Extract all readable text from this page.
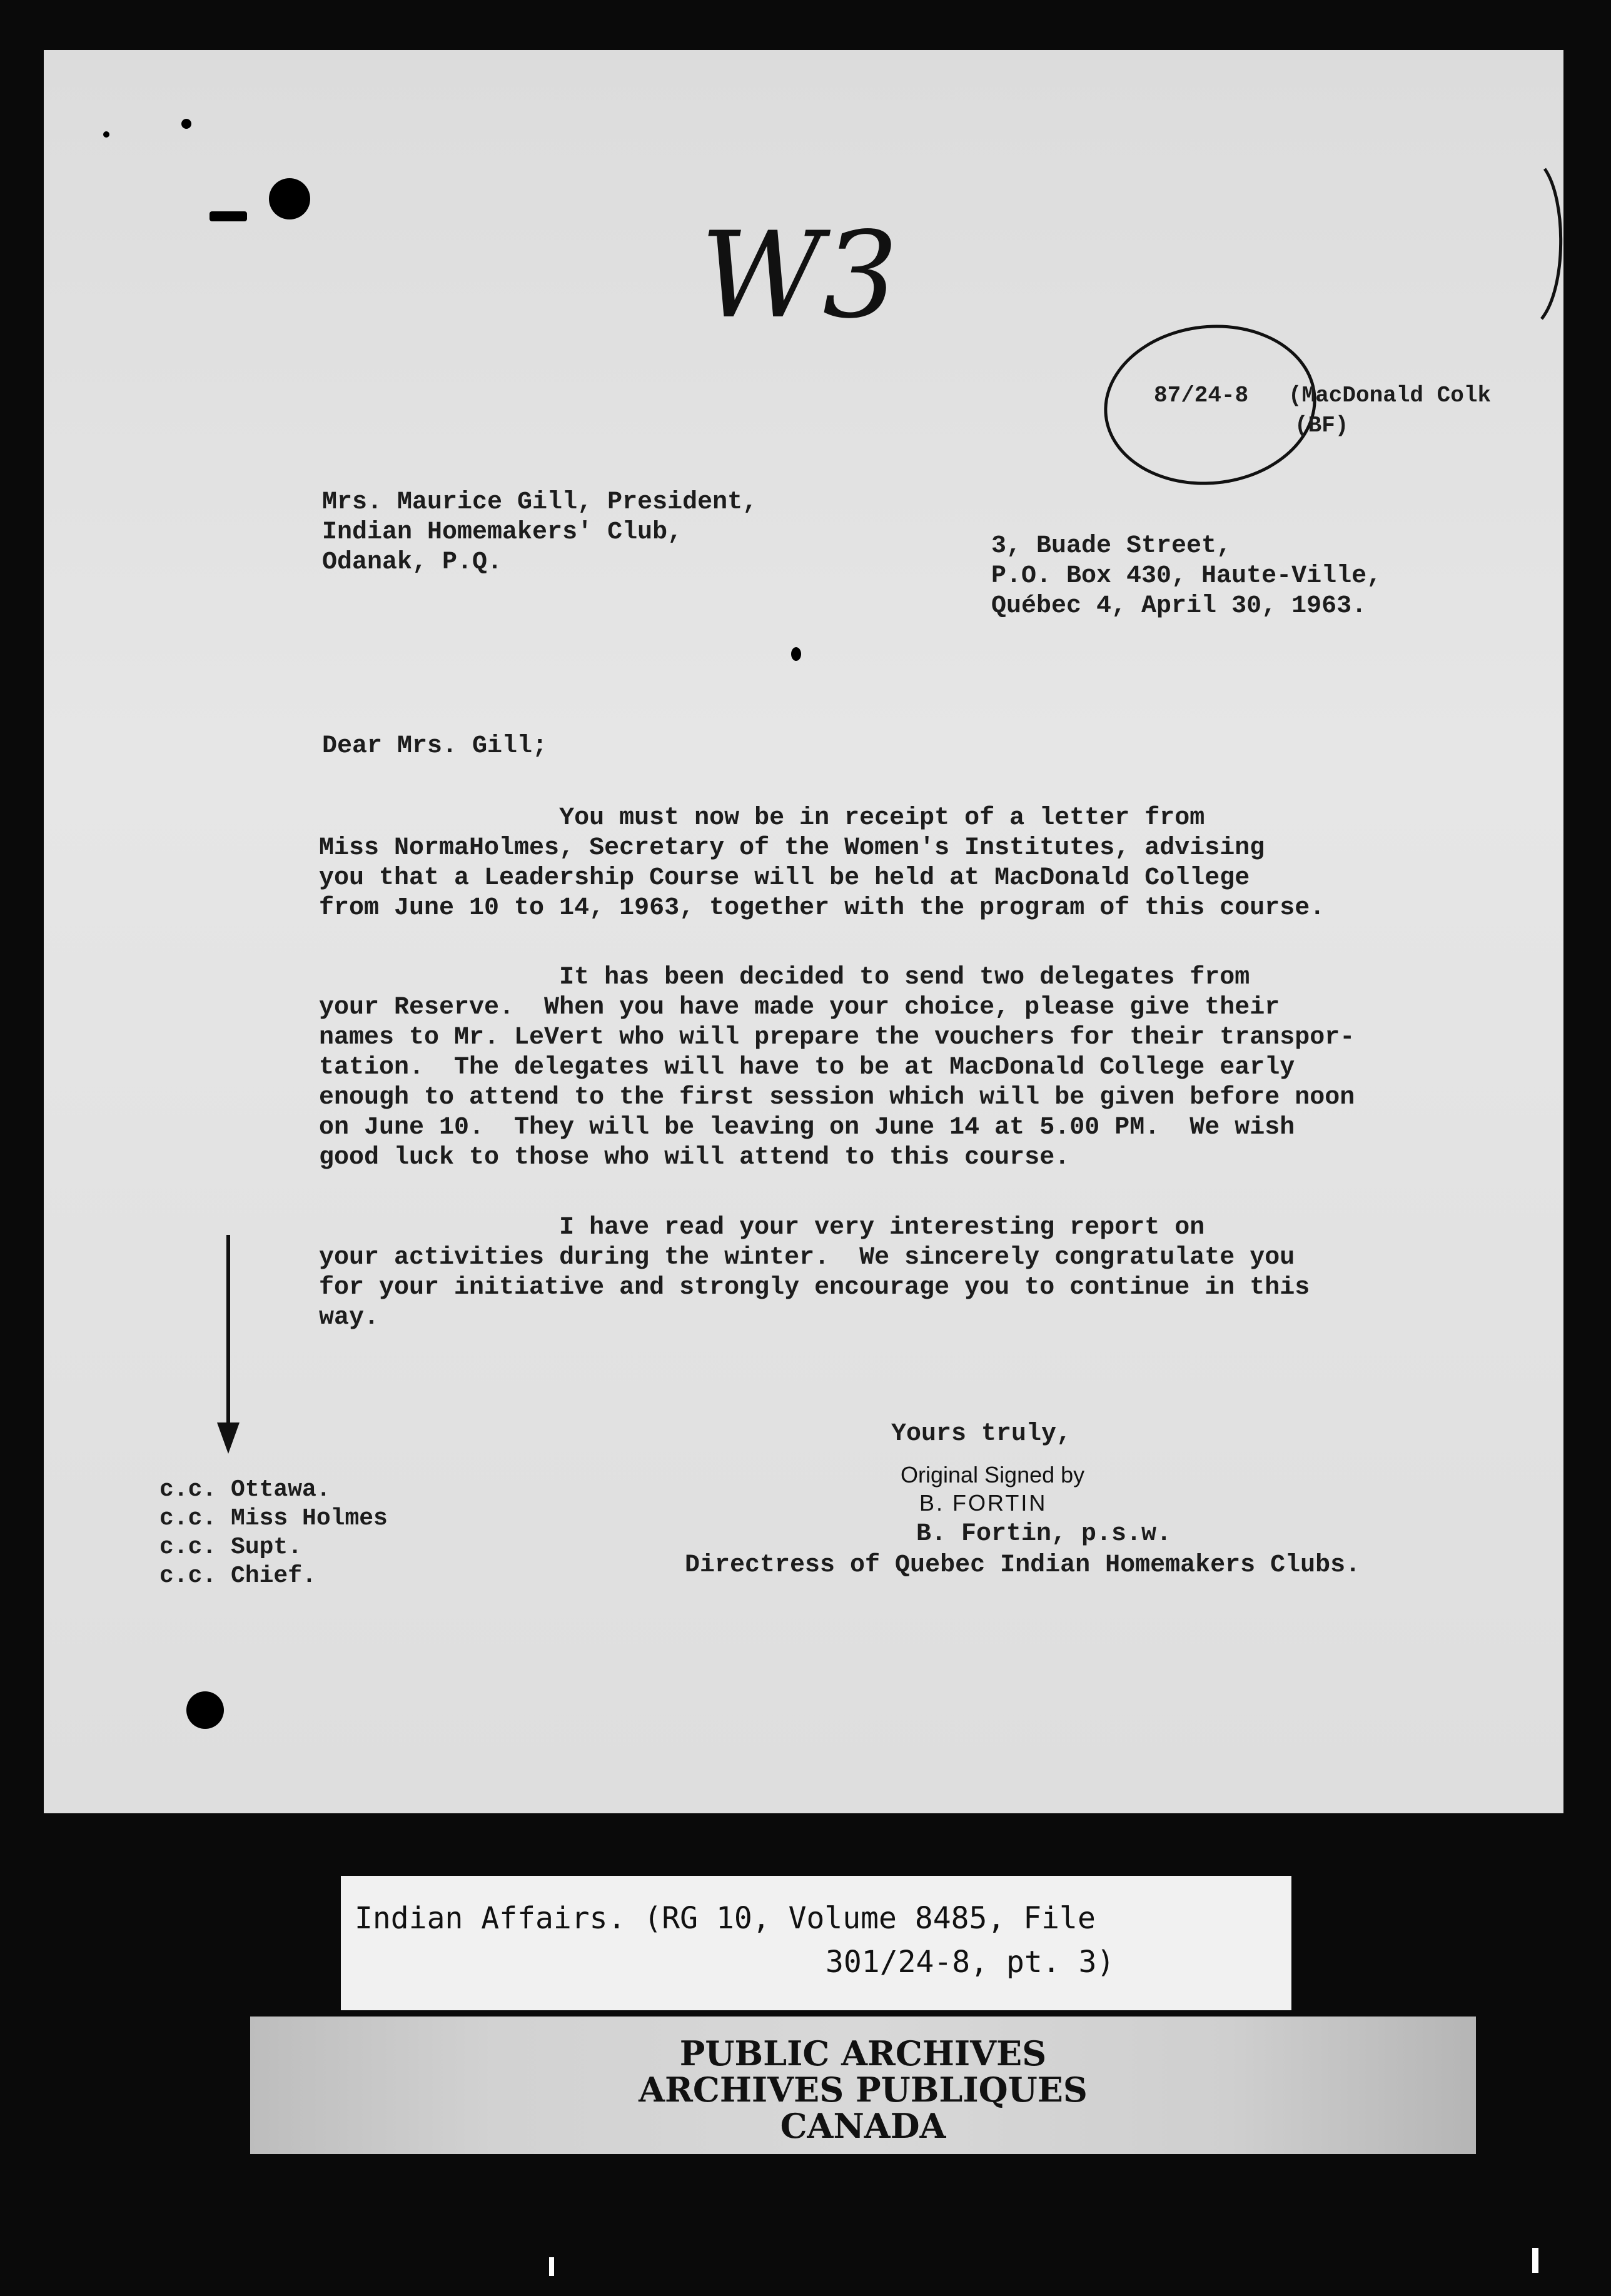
W3
87/24-8 (MacDonald Colk
(BF)
Mrs. Maurice Gill, President,
Indian Homemakers' Club,
Odanak, P.Q.
3, Buade Street,
P.O. Box 430, Haute-Ville,
Québec 4, April 30, 1963.
Dear Mrs. Gill;
You must now be in receipt of a letter from
Miss NormaHolmes, Secretary of the Women's Institutes, advising
you that a Leadership Course will be held at MacDonald College
from June 10 to 14, 1963, together with the program of this course.
It has been decided to send two delegates from
your Reserve.  When you have made your choice, please give their
names to Mr. LeVert who will prepare the vouchers for their transpor-
tation.  The delegates will have to be at MacDonald College early
enough to attend to the first session which will be given before noon
on June 10.  They will be leaving on June 14 at 5.00 PM.  We wish
good luck to those who will attend to this course.
I have read your very interesting report on
your activities during the winter.  We sincerely congratulate you
for your initiative and strongly encourage you to continue in this
way.
Yours truly,
Original Signed by
B. FORTIN
B. Fortin, p.s.w.
Directress of Quebec Indian Homemakers Clubs.
c.c. Ottawa.
c.c. Miss Holmes
c.c. Supt.
c.c. Chief.
Indian Affairs. (RG 10, Volume 8485, File
301/24-8, pt. 3)
PUBLIC ARCHIVES
ARCHIVES PUBLIQUES
CANADA
